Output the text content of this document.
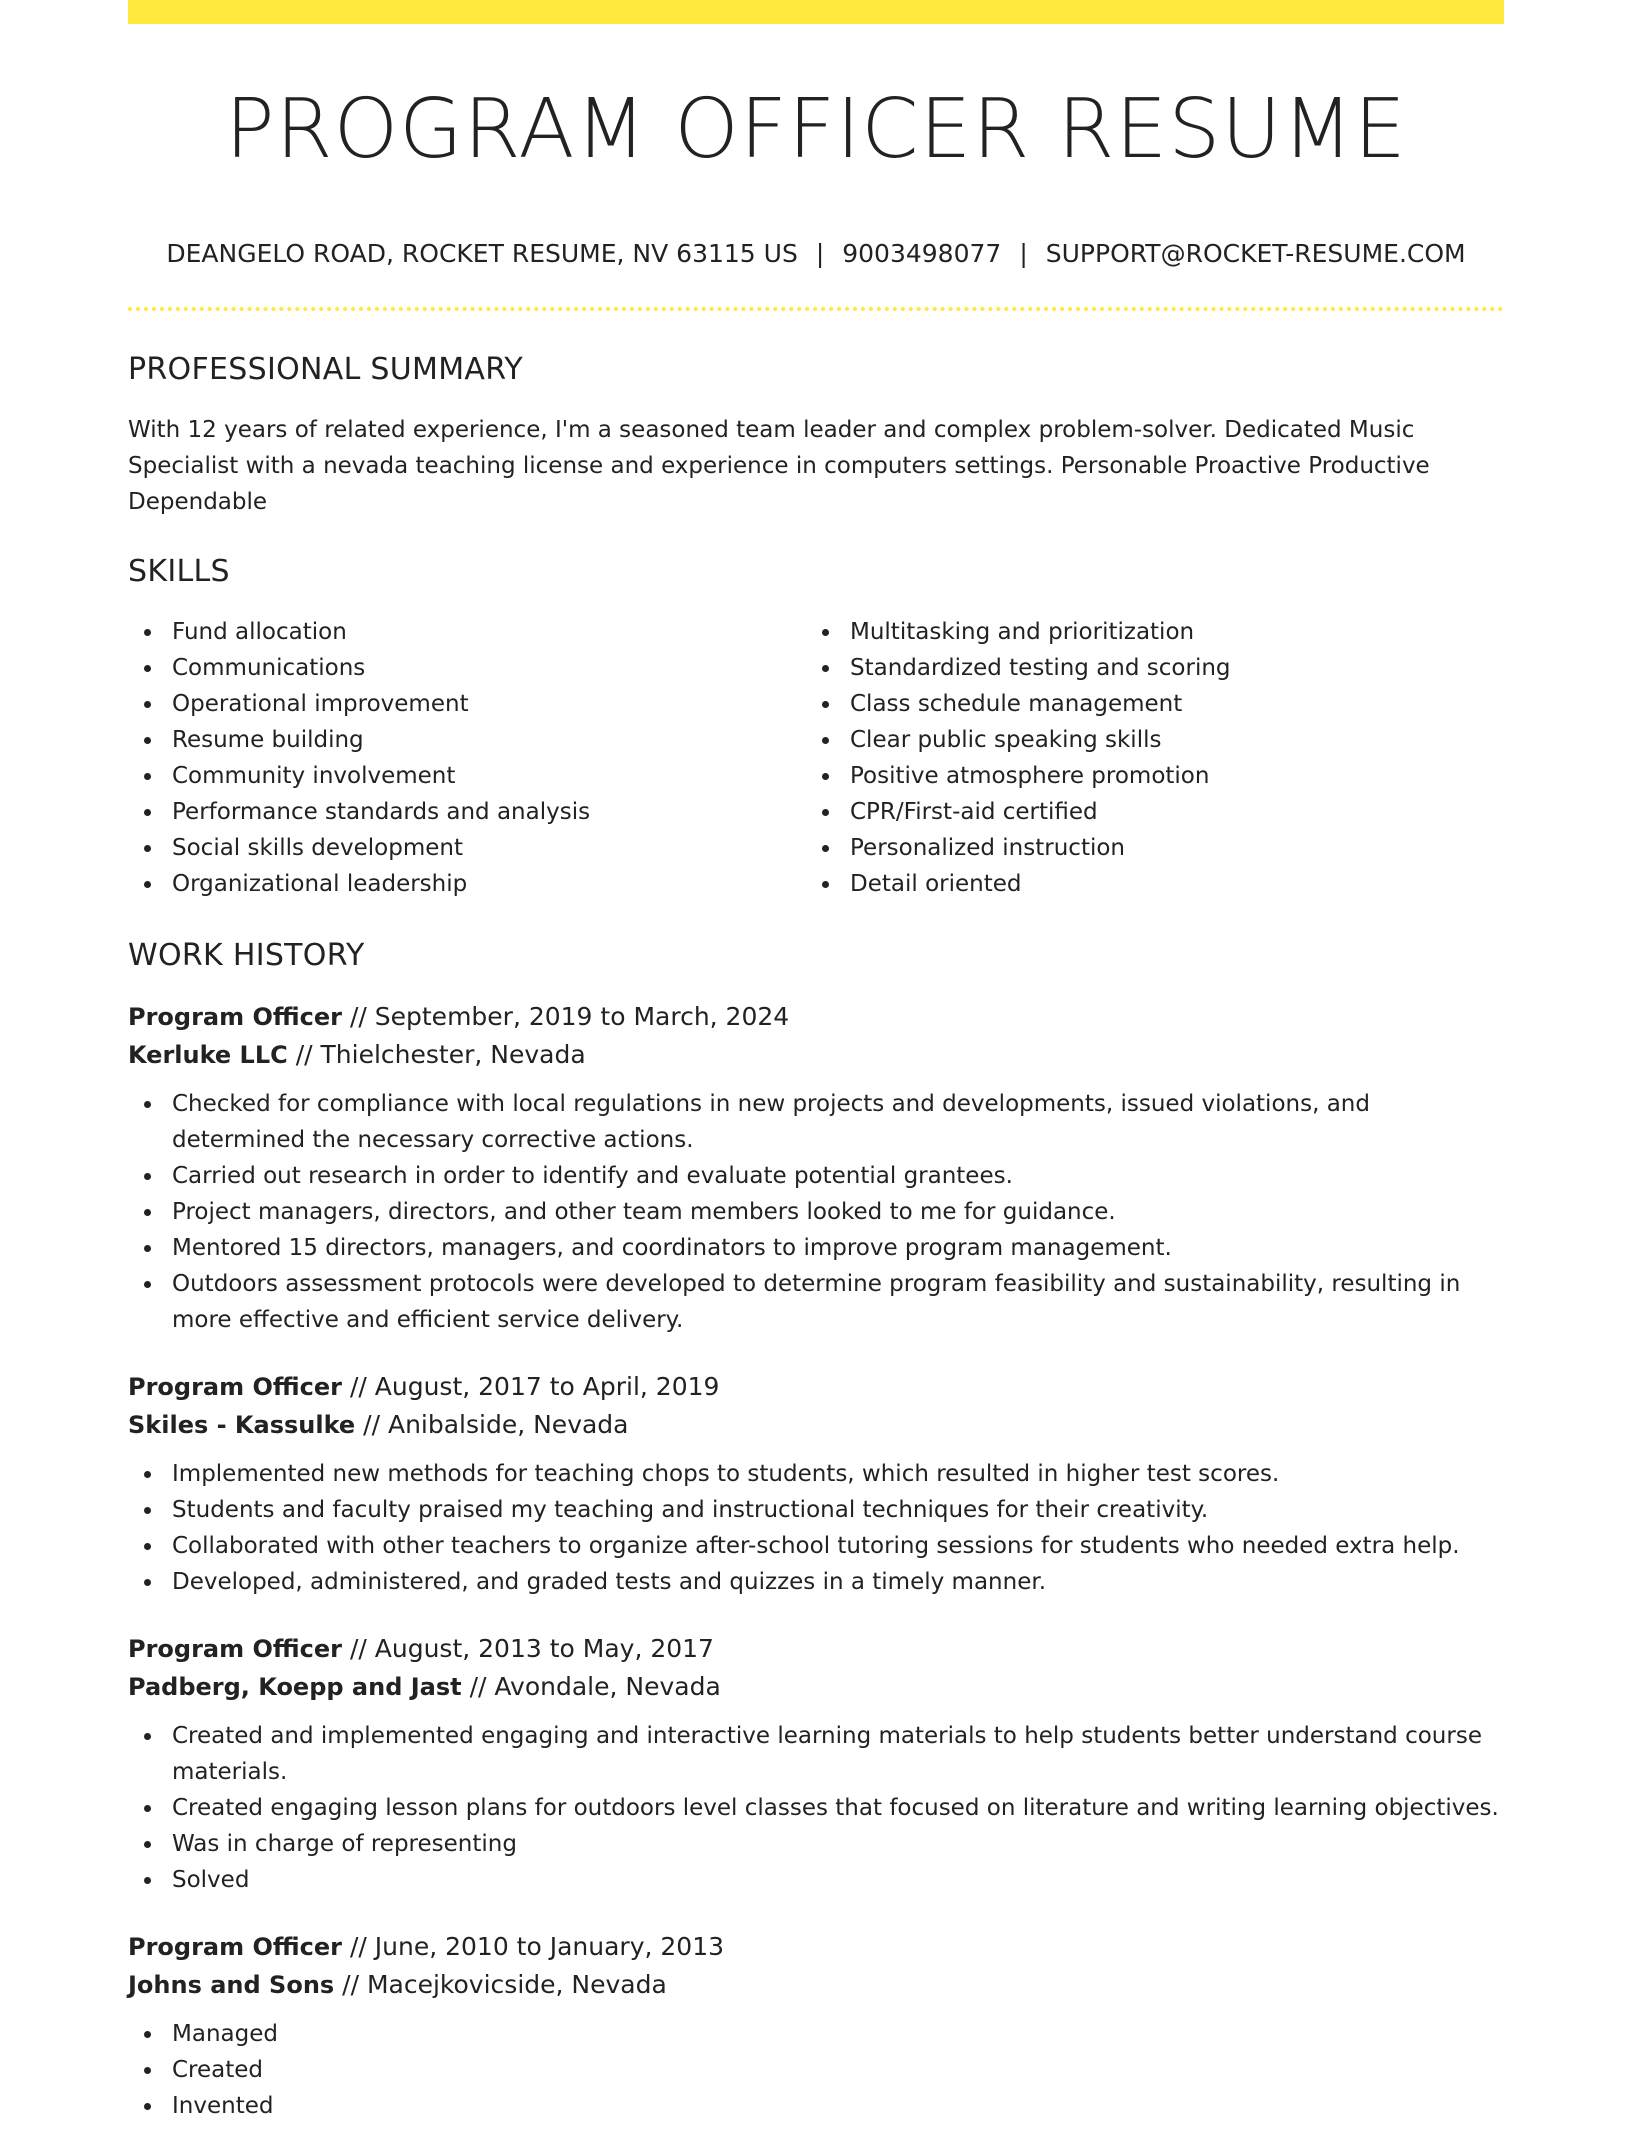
PROGRAM OFFICER RESUME
DEANGELO ROAD, ROCKET RESUME, NV 63115 US | 9003498077 | SUPPORT@ROCKET-RESUME.COM
PROFESSIONAL SUMMARY

With 12 years of related experience, I'm a seasoned team leader and complex problem-solver. Dedicated Music Specialist with a nevada teaching license and experience in computers settings. Personable Proactive Productive Dependable

SKILLS
Fund allocation
Communications
Operational improvement
Resume building
Community involvement
Performance standards and analysis
Social skills development
Organizational leadership
Multitasking and prioritization
Standardized testing and scoring
Class schedule management
Clear public speaking skills
Positive atmosphere promotion
CPR/First-aid certified
Personalized instruction
Detail oriented
WORK HISTORY
Program Officer // September, 2019 to March, 2024
Kerluke LLC // Thielchester, Nevada
Checked for compliance with local regulations in new projects and developments, issued violations, and determined the necessary corrective actions.
Carried out research in order to identify and evaluate potential grantees.
Project managers, directors, and other team members looked to me for guidance.
Mentored 15 directors, managers, and coordinators to improve program management.
Outdoors assessment protocols were developed to determine program feasibility and sustainability, resulting in more effective and efficient service delivery.
Program Officer // August, 2017 to April, 2019
Skiles - Kassulke // Anibalside, Nevada
Implemented new methods for teaching chops to students, which resulted in higher test scores.
Students and faculty praised my teaching and instructional techniques for their creativity.
Collaborated with other teachers to organize after-school tutoring sessions for students who needed extra help.
Developed, administered, and graded tests and quizzes in a timely manner.
Program Officer // August, 2013 to May, 2017
Padberg, Koepp and Jast // Avondale, Nevada
Created and implemented engaging and interactive learning materials to help students better understand course materials.
Created engaging lesson plans for outdoors level classes that focused on literature and writing learning objectives.
Was in charge of representing
Solved
Program Officer // June, 2010 to January, 2013
Johns and Sons // Macejkovicside, Nevada
Managed
Created
Invented
